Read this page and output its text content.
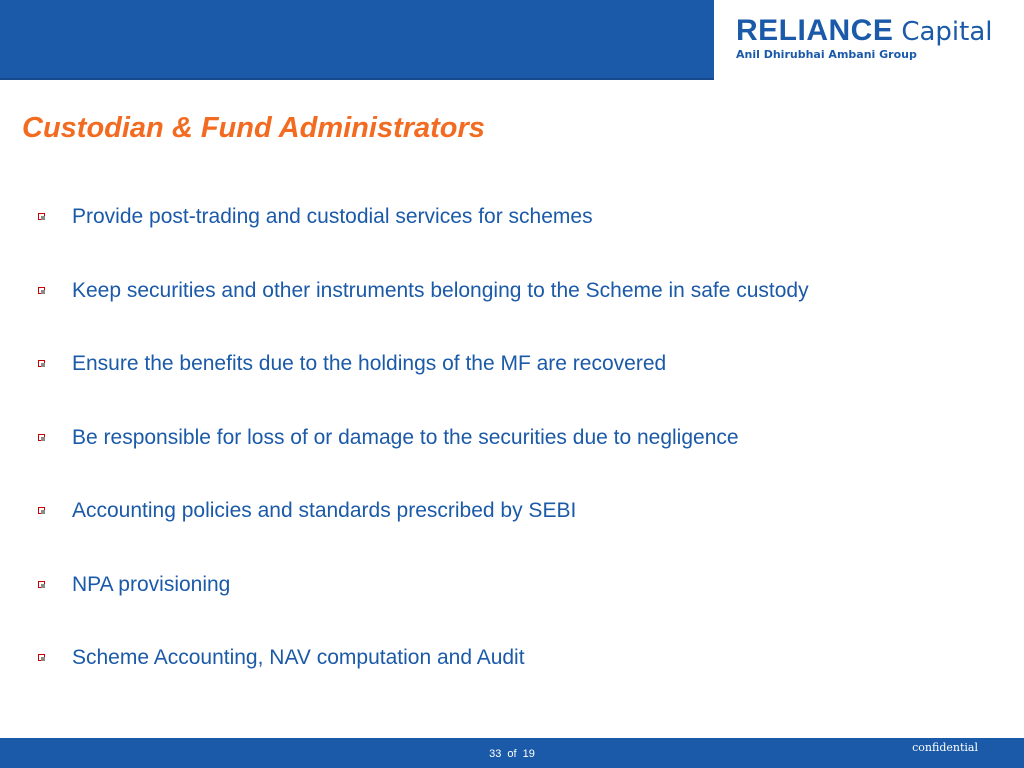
RELIANCE Capital
Anil Dhirubhai Ambani Group
Custodian & Fund Administrators
Provide post-trading and custodial services for schemes
Keep securities and other instruments belonging to the Scheme in safe custody
Ensure the benefits due to the holdings of the MF are recovered
Be responsible for loss of or damage to the securities due to negligence
Accounting policies and standards prescribed by SEBI
NPA provisioning
Scheme Accounting, NAV computation and Audit
33 of 19	confidential
